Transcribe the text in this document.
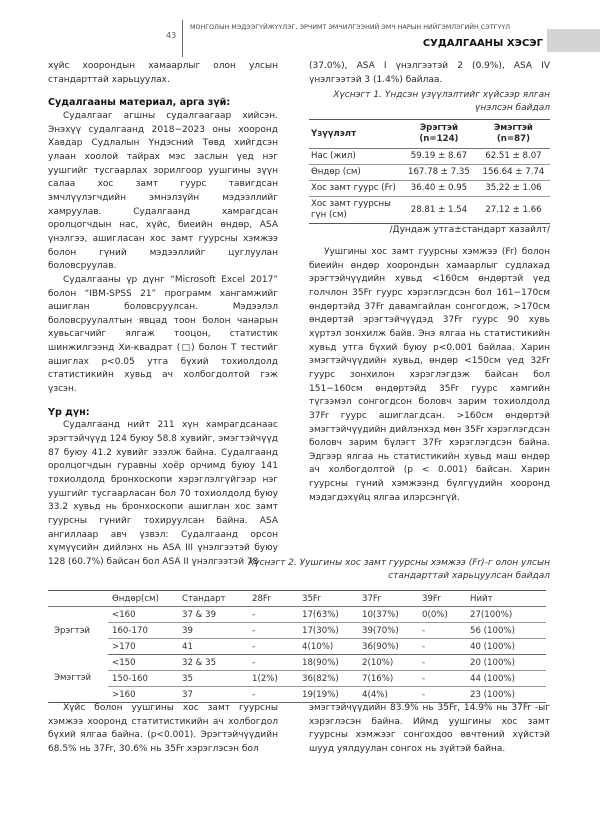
43
МОНГОЛЫН МЭДЭЭГҮЙЖҮҮЛЭГ, ЭРЧИМТ ЭМЧИЛГЭЭНИЙ ЭМЧ НАРЫН НИЙГЭМЛЭГИЙН СЭТГҮҮЛ
СУДАЛГААНЫ ХЭСЭГ

хүйс хоорондын хамаарлыг олон улсын стандарттай харьцуулах.

Судалгааны материал, арга зүй:

Судалгааг агшны судалгаагаар хийсэн. Энэхүү судалгаанд 2018−2023 оны хооронд Хавдар Судлалын Үндэсний Төвд хийгдсэн улаан хоолой тайрах мэс заслын үед нэг уушгийг тусгаарлах зорилгоор уушгины зүүн салаа хос замт гуурс тавигдсан эмчлүүлэгчдийн эмнэлзүйн мэдээллийг хамруулав. Судалгаанд хамрагдсан оролцогчдын нас, хүйс, биеийн өндөр, ASA үнэлгээ, ашигласан хос замт гуурсны хэмжээ болон гүний мэдээллийг цуглуулан боловсруулав.

Судалгааны үр дүнг “Microsoft Excel 2017” болон “IBM-SPSS 21” программ хангамжийг ашиглан боловсруулсан. Мэдээлэл боловсруулалтын явцад тоон болон чанарын хувьсагчийг ялгаж тооцон, статистик шинжилгээнд Хи-квадрат (□) болон T тестийг ашиглах p<0.05 утга бүхий тохиолдолд статистикийн хувьд ач холбогдолтой гэж үзсэн.

Үр дүн:

Судалгаанд нийт 211 хүн хамрагдсанаас эрэгтэйчүүд 124 буюу 58.8 хувийг, эмэгтэйчүүд 87 буюу 41.2 хувийг эзэлж байна. Судалгаанд оролцогчдын гуравны хоёр орчимд буюу 141 тохиолдолд бронхоскопи хэрэглэлгүйгээр нэг уушгийг тусгаарласан бол 70 тохиолдолд буюу 33.2 хувьд нь бронхоскопи ашиглан хос замт гуурсны гүнийг тохируулсан байна. ASA ангиллаар авч үзвэл: Судалгаанд орсон хүмүүсийн дийлэнх нь ASA III үнэлгээтэй буюу 128 (60.7%) байсан бол ASA II үнэлгээтэй 78

(37.0%), ASA I үнэлгээтэй 2 (0.9%), ASA IV үнэлгээтэй 3 (1.4%) байлаа.

Хүснэгт 1. Үндсэн үзүүлэлтийг хүйсээр ялган үнэлсэн байдал

Үзүүлэлт	Эрэгтэй (n=124)	Эмэгтэй (n=87)
Нас (жил)	59.19 ± 8.67	62.51 ± 8.07
Өндөр (см)	167.78 ± 7.35	156.64 ± 7.74
Хос замт гуурс (Fr)	36.40 ± 0.95	35.22 ± 1.06
Хос замт гуурсны гүн (см)	28.81 ± 1.54	27.12 ± 1.66

/Дундаж утга±стандарт хазайлт/

Уушгины хос замт гуурсны хэмжээ (Fr) болон биеийн өндөр хоорондын хамаарлыг судлахад эрэгтэйчүүдийн хувьд <160см өндөртэй үед голчлон 35Fr гуурс хэрэглэгдсэн бол 161−170см өндөртэйд 37Fr давамгайлан сонгогдож, >170см өндөртэй эрэгтэйчүүдэд 37Fr гуурс 90 хувь хүртэл зонхилж байв. Энэ ялгаа нь статистикийн хувьд утга бүхий буюу p<0.001 байлаа. Харин эмэгтэйчүүдийн хувьд, өндөр <150см үед 32Fr гуурс зонхилон хэрэглэгдэж байсан бол 151−160см өндөртэйд 35Fr гуурс хамгийн түгээмэл сонгогдсон боловч зарим тохиолдолд 37Fr гуурс ашиглагдсан. >160см өндөртэй эмэгтэйчүүдийн дийлэнхэд мөн 35Fr хэрэглэгдсэн боловч зарим бүлэгт 37Fr хэрэглэгдсэн байна. Эдгээр ялгаа нь статистикийн хувьд маш өндөр ач холбогдолтой (p < 0.001) байсан. Харин гуурсны гүний хэмжээнд бүлгүүдийн хооронд мэдэгдэхүйц ялгаа илэрсэнгүй.

Хүснэгт 2. Уушгины хос замт гуурсны хэмжээ (Fr)-г олон улсын стандарттай харьцуулсан байдал

	Өндөр(см)	Стандарт	28Fr	35Fr	37Fr	39Fr	Нийт
Эрэгтэй	<160	37 & 39	-	17(63%)	10(37%)	0(0%)	27(100%)
	160-170	39	-	17(30%)	39(70%)	-	56 (100%)
	>170	41	-	4(10%)	36(90%)	-	40 (100%)
Эмэгтэй	<150	32 & 35	-	18(90%)	2(10%)	-	20 (100%)
	150-160	35	1(2%)	36(82%)	7(16%)	-	44 (100%)
	>160	37	-	19(19%)	4(4%)	-	23 (100%)

Хүйс болон уушгины хос замт гуурсны хэмжээ хооронд статитистикийн ач холбогдол бүхий ялгаа байна. (p<0.001). Эрэгтэйчүүдийн 68.5% нь 37Fr, 30.6% нь 35Fr хэрэглэсэн бол

эмэгтэйчүүдийн 83.9% нь 35Fr, 14.9% нь 37Fr -ыг хэрэглэсэн байна. Иймд уушгины хос замт гуурсны хэмжээг сонгохдоо өвчтөний хүйстэй шууд уялдуулан сонгох нь зүйтэй байна.
